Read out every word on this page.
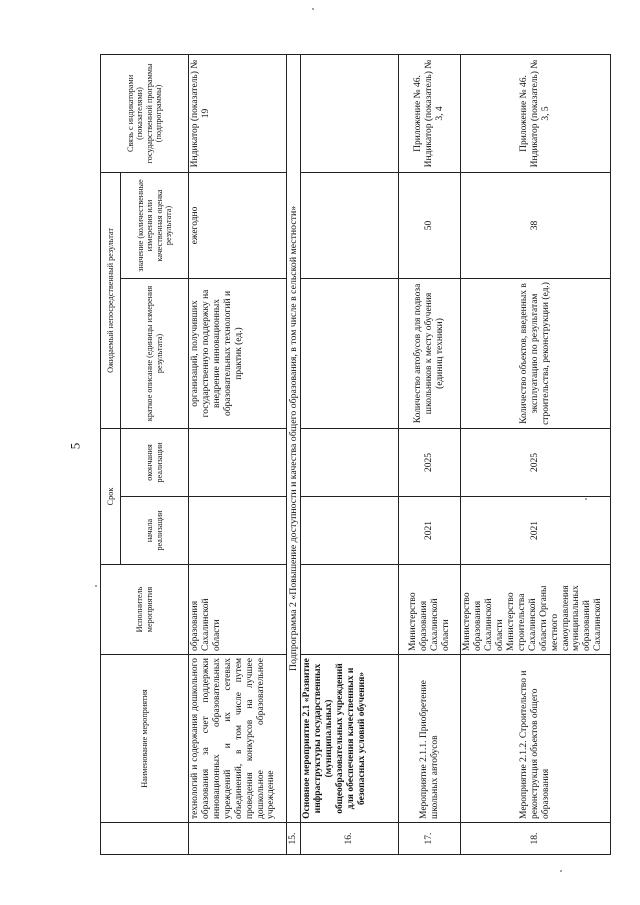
5
	Наименование мероприятия	Исполнитель мероприятия	Срок		Ожидаемый непосредственный результат		Связь с индикаторами (показателями) государственной программы (подпрограммы)
			начала реализации	окончания реализации	краткое описание (единицы измерения результата)	значение (количественные измерения или качественная оценка результата)	
	технологий и содержания дошкольного образования за счет поддержки инновационных образовательных учреждений и их сетевых объединений, в том числе путем проведения конкурсов на лучшее дошкольное образовательное учреждение	образования Сахалинской области			организаций, получивших государственную поддержку на внедрение инновационных образовательных технологий и практик (ед.)	ежегодно	Индикатор (показатель) № 19
15.	Подпрограмма 2 «Повышение доступности и качества общего образования, в том числе в сельской местности»						
16.	Основное мероприятие 2.1 «Развитие инфраструктуры государственных (муниципальных) общеобразовательных учреждений для обеспечения качественных и безопасных условий обучения»						
17.	Мероприятие 2.1.1. Приобретение школьных автобусов	Министерство образования Сахалинской области	2021	2025	Количество автобусов для подвоза школьников к месту обучения (единиц техники)	50	Приложение № 46. Индикатор (показатель) № 3, 4
18.	Мероприятие 2.1.2. Строительство и реконструкция объектов общего образования	Министерство образования Сахалинской области Министерство строительства Сахалинской области Органы местного самоуправления муниципальных образований Сахалинской	2021	2025	Количество объектов, введенных в эксплуатацию по результатам строительства, реконструкции (ед.)	38	Приложение № 46. Индикатор (показатель) № 3, 5
